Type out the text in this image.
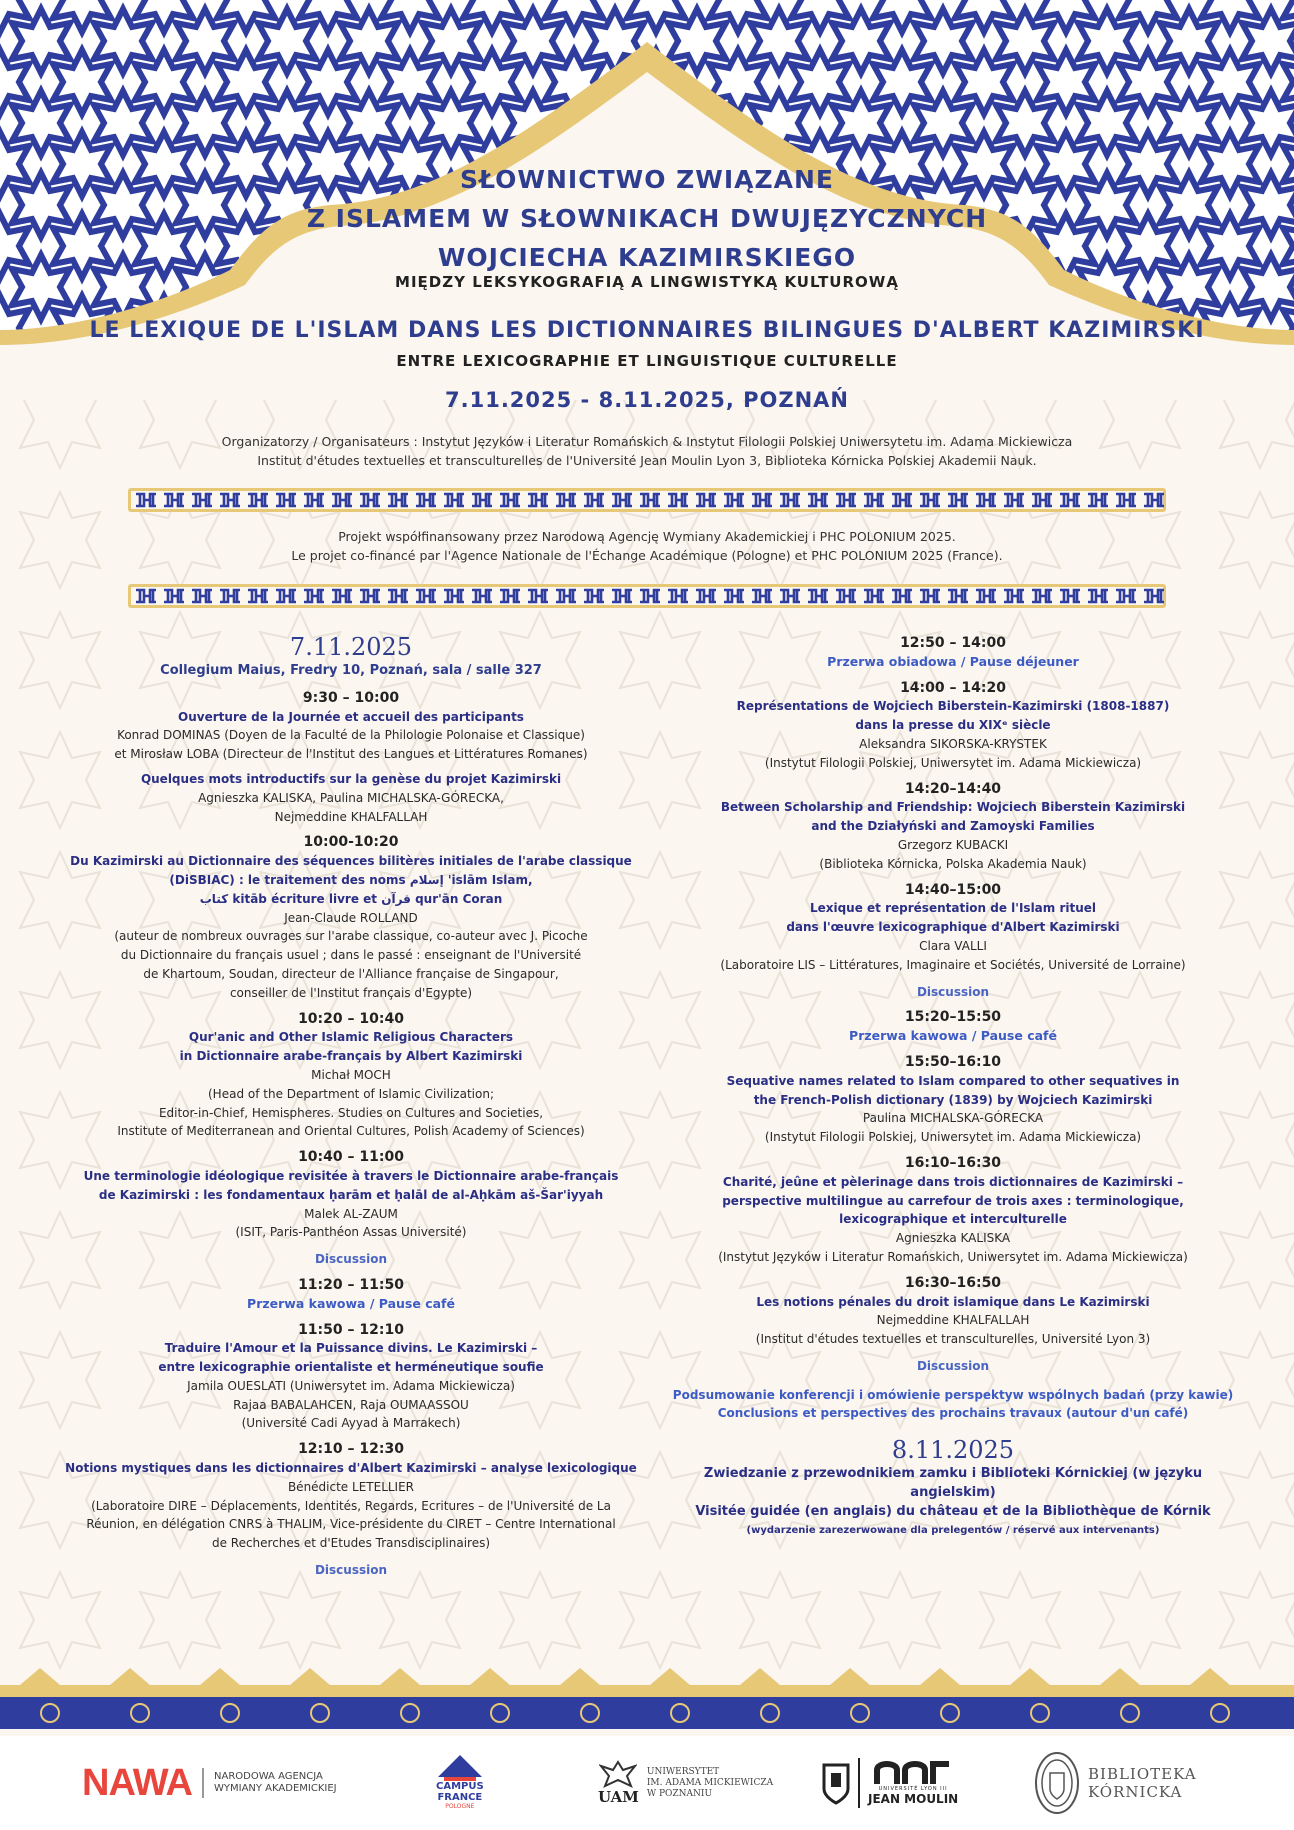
SŁOWNICTWO ZWIĄZANE
Z ISLAMEM W SŁOWNIKACH DWUJĘZYCZNYCH
WOJCIECHA KAZIMIRSKIEGO
MIĘDZY LEKSYKOGRAFIĄ A LINGWISTYKĄ KULTUROWĄ
LE LEXIQUE DE L'ISLAM DANS LES DICTIONNAIRES BILINGUES D'ALBERT KAZIMIRSKI
ENTRE LEXICOGRAPHIE ET LINGUISTIQUE CULTURELLE
7.11.2025 - 8.11.2025, POZNAŃ
Organizatorzy / Organisateurs : Instytut Języków i Literatur Romańskich & Instytut Filologii Polskiej Uniwersytetu im. Adama Mickiewicza
Institut d'études textuelles et transculturelles de l'Université Jean Moulin Lyon 3, Biblioteka Kórnicka Polskiej Akademii Nauk.
Projekt współfinansowany przez Narodową Agencję Wymiany Akademickiej i PHC POLONIUM 2025.
Le projet co-financé par l'Agence Nationale de l'Échange Académique (Pologne) et PHC POLONIUM 2025 (France).

7.11.2025

Collegium Maius, Fredry 10, Poznań, sala / salle 327

9:30 – 10:00

Ouverture de la Journée et accueil des participants

Konrad DOMINAS (Doyen de la Faculté de la Philologie Polonaise et Classique)

et Mirosław LOBA (Directeur de l'Institut des Langues et Littératures Romanes)

Quelques mots introductifs sur la genèse du projet Kazimirski

Agnieszka KALISKA, Paulina MICHALSKA-GÓRECKA,

Nejmeddine KHALFALLAH

10:00-10:20

Du Kazimirski au Dictionnaire des séquences bilitères initiales de l'arabe classique

(DiSBIAC) : le traitement des noms إسلام 'islām Islam,

كتاب kitāb écriture livre et قرآن qur'ān Coran

Jean-Claude ROLLAND

(auteur de nombreux ouvrages sur l'arabe classique, co-auteur avec J. Picoche

du Dictionnaire du français usuel ; dans le passé : enseignant de l'Université

de Khartoum, Soudan, directeur de l'Alliance française de Singapour,

conseiller de l'Institut français d'Egypte)

10:20 – 10:40

Qur'anic and Other Islamic Religious Characters

in Dictionnaire arabe-français by Albert Kazimirski

Michał MOCH

(Head of the Department of Islamic Civilization;

Editor-in-Chief, Hemispheres. Studies on Cultures and Societies,

Institute of Mediterranean and Oriental Cultures, Polish Academy of Sciences)

10:40 – 11:00

Une terminologie idéologique revisitée à travers le Dictionnaire arabe-français

de Kazimirski : les fondamentaux ḥarām et ḥalāl de al-Aḥkām aš-Šar'iyyah

Malek AL-ZAUM

(ISIT, Paris-Panthéon Assas Université)

Discussion

11:20 – 11:50

Przerwa kawowa / Pause café

11:50 – 12:10

Traduire l'Amour et la Puissance divins. Le Kazimirski –

entre lexicographie orientaliste et herméneutique soufie

Jamila OUESLATI (Uniwersytet im. Adama Mickiewicza)

Rajaa BABALAHCEN, Raja OUMAASSOU

(Université Cadi Ayyad à Marrakech)

12:10 – 12:30

Notions mystiques dans les dictionnaires d'Albert Kazimirski – analyse lexicologique

Bénédicte LETELLIER

(Laboratoire DIRE – Déplacements, Identités, Regards, Ecritures – de l'Université de La

Réunion, en délégation CNRS à THALIM, Vice-présidente du CIRET – Centre International

de Recherches et d'Etudes Transdisciplinaires)

Discussion

12:50 – 14:00

Przerwa obiadowa / Pause déjeuner

14:00 – 14:20

Représentations de Wojciech Biberstein-Kazimirski (1808-1887)

dans la presse du XIXᵉ siècle

Aleksandra SIKORSKA-KRYSTEK

(Instytut Filologii Polskiej, Uniwersytet im. Adama Mickiewicza)

14:20–14:40

Between Scholarship and Friendship: Wojciech Biberstein Kazimirski

and the Działyński and Zamoyski Families

Grzegorz KUBACKI

(Biblioteka Kórnicka, Polska Akademia Nauk)

14:40–15:00

Lexique et représentation de l'Islam rituel

dans l'œuvre lexicographique d'Albert Kazimirski

Clara VALLI

(Laboratoire LIS – Littératures, Imaginaire et Sociétés, Université de Lorraine)

Discussion

15:20–15:50

Przerwa kawowa / Pause café

15:50–16:10

Sequative names related to Islam compared to other sequatives in

the French-Polish dictionary (1839) by Wojciech Kazimirski

Paulina MICHALSKA-GÓRECKA

(Instytut Filologii Polskiej, Uniwersytet im. Adama Mickiewicza)

16:10–16:30

Charité, jeûne et pèlerinage dans trois dictionnaires de Kazimirski –

perspective multilingue au carrefour de trois axes : terminologique,

lexicographique et interculturelle

Agnieszka KALISKA

(Instytut Języków i Literatur Romańskich, Uniwersytet im. Adama Mickiewicza)

16:30–16:50

Les notions pénales du droit islamique dans Le Kazimirski

Nejmeddine KHALFALLAH

(Institut d'études textuelles et transculturelles, Université Lyon 3)

Discussion

Podsumowanie konferencji i omówienie perspektyw wspólnych badań (przy kawie)

Conclusions et perspectives des prochains travaux (autour d'un café)

8.11.2025

Zwiedzanie z przewodnikiem zamku i Biblioteki Kórnickiej (w języku angielskim)

Visitée guidée (en anglais) du château et de la Bibliothèque de Kórnik

(wydarzenie zarezerwowane dla prelegentów / réservé aux intervenants)

NAWA NARODOWA AGENCJA
WYMIANY AKADEMICKIEJ	CAMPUS
FRANCE
POLOGNE
UAM
UNIWERSYTET
IM. ADAMA MICKIEWICZA
W POZNANIU	UNIVERSITÉ LYON III
JEAN MOULIN
BIBLIOTEKA
KÓRNICKA
